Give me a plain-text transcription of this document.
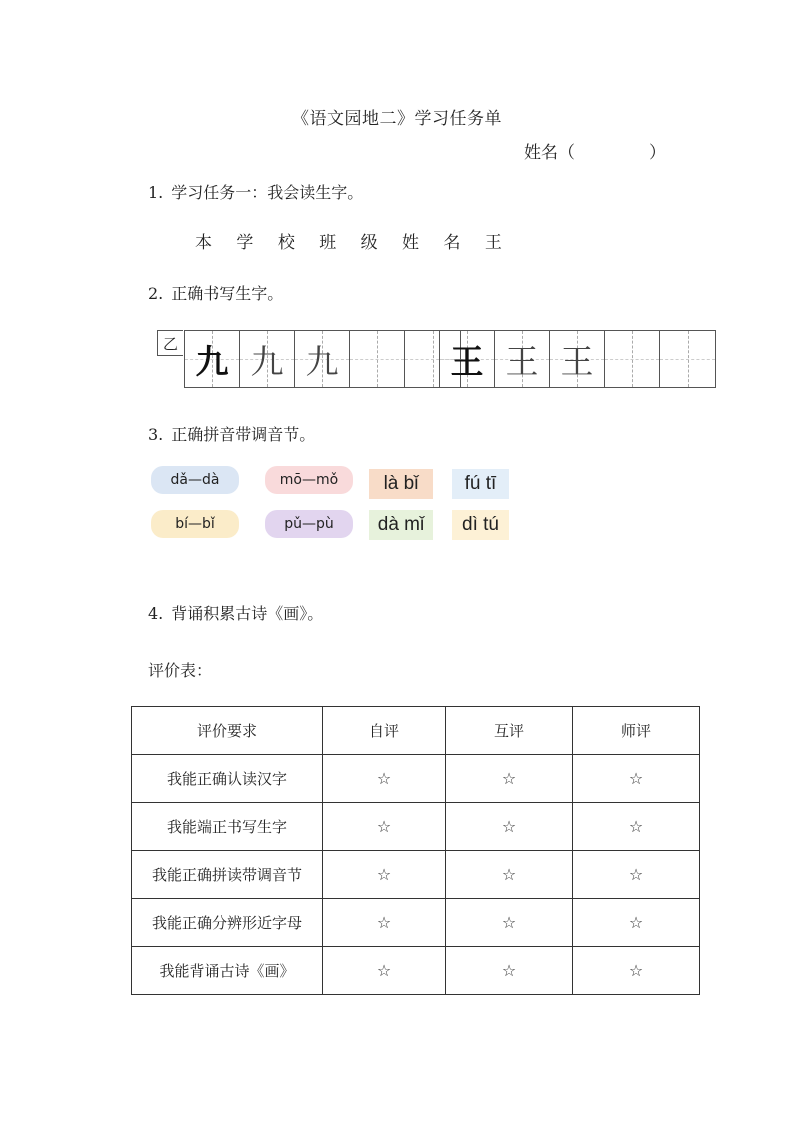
《语文园地二》学习任务单
姓名（	）
1. 学习任务一：我会读生字。
本 学 校 班 级 姓 名 王
2. 正确书写生字。
乙 九 九 九	王 王 王
3. 正确拼音带调音节。
dǎ—dà	mō—mǒ
bí—bǐ	pǔ—pù
là bǐ	fú tī
dà mǐ	dì tú
4. 背诵积累古诗《画》。
评价表：
评价要求	自评	互评	师评
我能正确认读汉字	☆	☆	☆
我能端正书写生字	☆	☆	☆
我能正确拼读带调音节	☆	☆	☆
我能正确分辨形近字母	☆	☆	☆
我能背诵古诗《画》	☆	☆	☆
